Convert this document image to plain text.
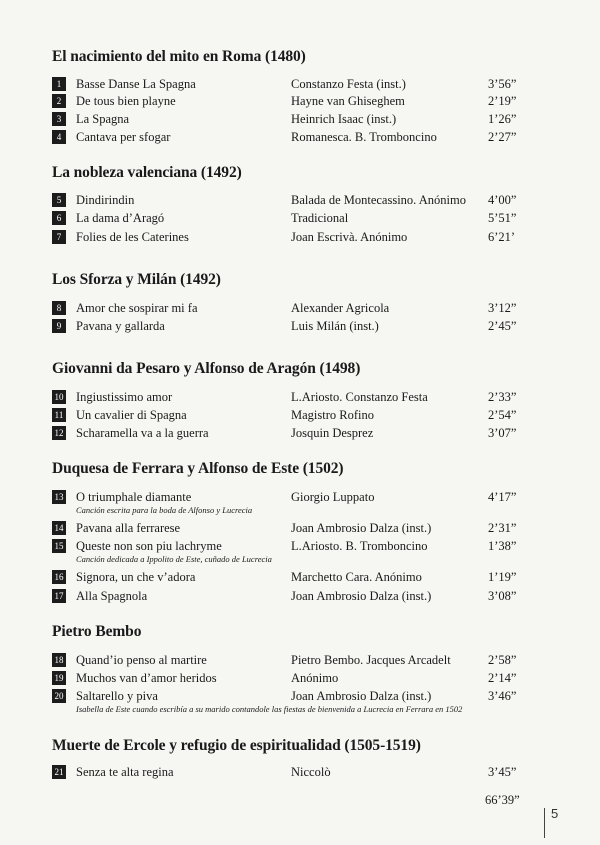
El nacimiento del mito en Roma (1480)
1	Basse Danse La Spagna	Constanzo Festa (inst.)	3’56”
2	De tous bien playne	Hayne van Ghiseghem	2’19”
3	La Spagna	Heinrich Isaac (inst.)	1’26”
4	Cantava per sfogar	Romanesca. B. Tromboncino	2’27”
La nobleza valenciana (1492)
5	Dindirindin	Balada de Montecassino. Anónimo 4’00”
6	La dama d’Aragó	Tradicional	5’51”
7	Folies de les Caterines	Joan Escrivà. Anónimo	6’21’
Los Sforza y Milán (1492)
8	Amor che sospirar mi fa	Alexander Agricola	3’12”
9	Pavana y gallarda	Luis Milán (inst.)	2’45”
Giovanni da Pesaro y Alfonso de Aragón (1498)
10 Ingiustissimo amor	L.Ariosto. Constanzo Festa	2’33”
11 Un cavalier di Spagna	Magistro Rofino	2’54”
12 Scharamella va a la guerra	Josquin Desprez	3’07”
Duquesa de Ferrara y Alfonso de Este (1502)
13 O triumphale diamante	Giorgio Luppato	4’17”
Canción escrita para la boda de Alfonso y Lucrecia
14 Pavana alla ferrarese	Joan Ambrosio Dalza (inst.)	2’31”
15 Queste non son piu lachryme	L.Ariosto. B. Tromboncino	1’38”
Canción dedicada a Ippolito de Este, cuñado de Lucrecia
16 Signora, un che v’adora	Marchetto Cara. Anónimo	1’19”
17 Alla Spagnola	Joan Ambrosio Dalza (inst.)	3’08”
Pietro Bembo
18 Quand’io penso al martire	Pietro Bembo. Jacques Arcadelt	2’58”
19 Muchos van d’amor heridos	Anónimo	2’14”
20 Saltarello y piva	Joan Ambrosio Dalza (inst.)	3’46”
Isabella de Este cuando escribía a su marido contandole las fiestas de bienvenida a Lucrecia en Ferrara en 1502
Muerte de Ercole y refugio de espiritualidad (1505-1519)
21 Senza te alta regina	Niccolò	3’45”
66’39”
5
